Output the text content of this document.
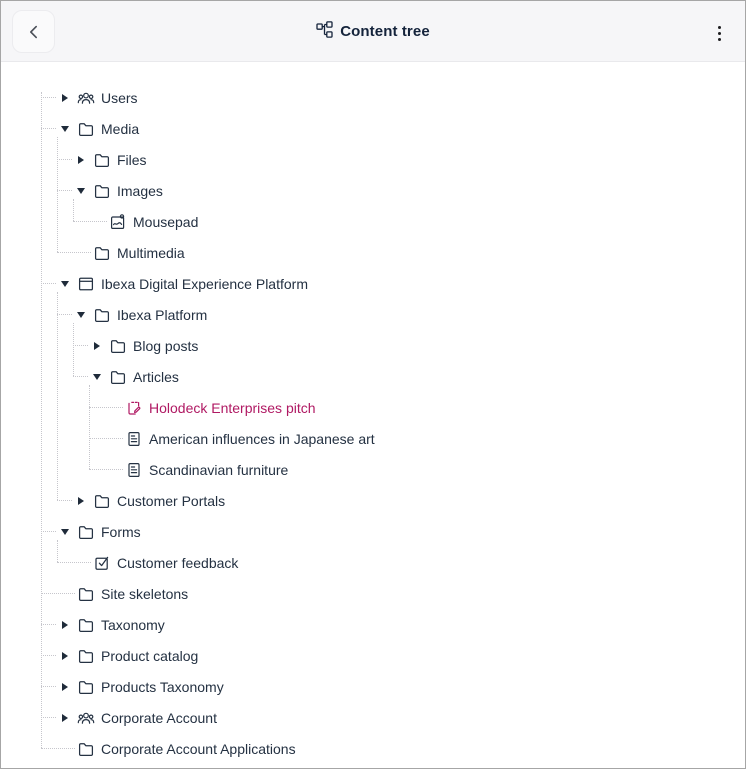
Content tree
Users
Media
Files
Images
Mousepad
Multimedia
Ibexa Digital Experience Platform
Ibexa Platform
Blog posts
Articles
Holodeck Enterprises pitch
American influences in Japanese art
Scandinavian furniture
Customer Portals
Forms
Customer feedback
Site skeletons
Taxonomy
Product catalog
Products Taxonomy
Corporate Account
Corporate Account Applications
